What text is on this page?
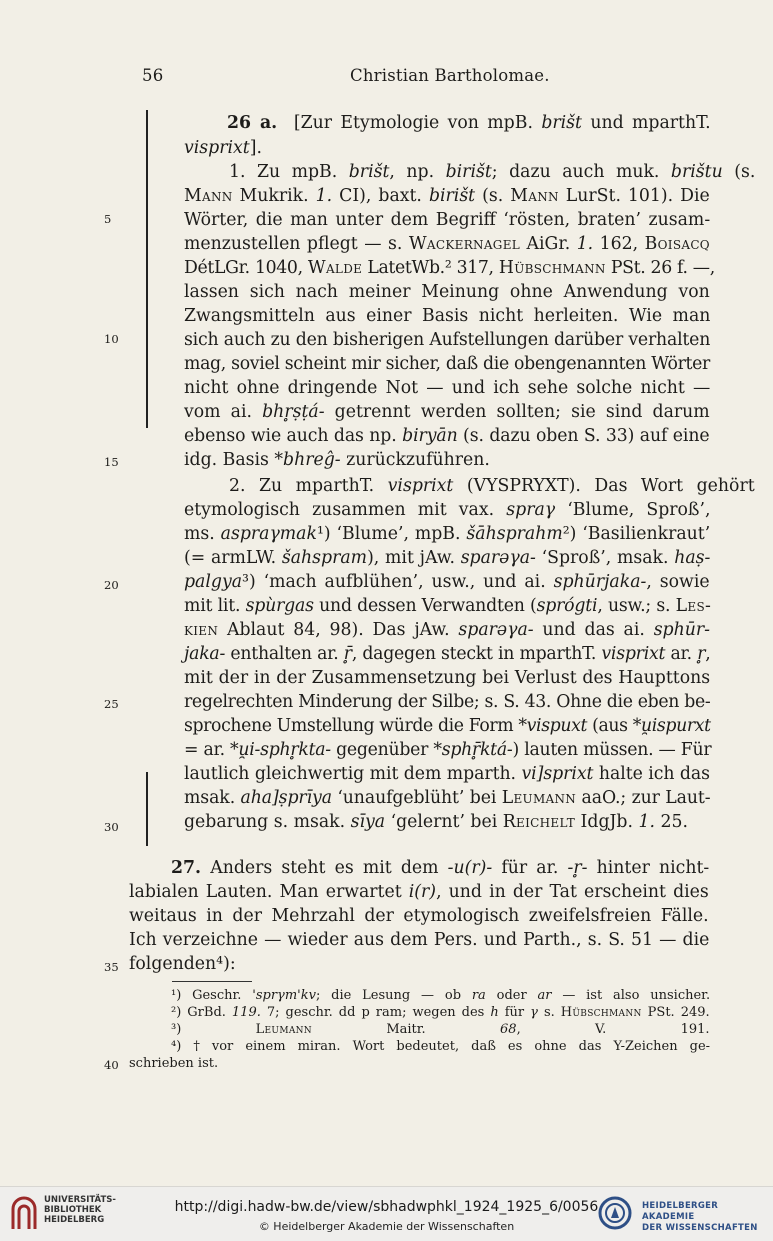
56	Christian Bartholomae.
5
10
15
20
25
30
35
40
26 a.  [Zur Etymologie von mpB. brišt und mparthT.
visprixt].
1. Zu mpB. brišt, np. birišt; dazu auch muk. brištu (s.
Mann Mukrik. 1. CI), baxt. birišt (s. Mann LurSt. 101). Die
Wörter, die man unter dem Begriff ‘rösten, braten’ zusam-
menzustellen pflegt — s. Wackernagel AiGr. 1. 162, Boisacq
DétLGr. 1040, Walde LatetWb.² 317, Hübschmann PSt. 26 f. —,
lassen sich nach meiner Meinung ohne Anwendung von
Zwangsmitteln aus einer Basis nicht herleiten. Wie man
sich auch zu den bisherigen Aufstellungen darüber verhalten
mag, soviel scheint mir sicher, daß die obengenannten Wörter
nicht ohne dringende Not — und ich sehe solche nicht —
vom ai. bhr̥ṣṭá- getrennt werden sollten; sie sind darum
ebenso wie auch das np. biryān (s. dazu oben S. 33) auf eine
idg. Basis *bhreĝ- zurückzuführen.
2. Zu mparthT. visprixt (VYSPRYXT). Das Wort gehört
etymologisch zusammen mit vax. spraγ ‘Blume, Sproß’,
ms. aspraγmak¹) ‘Blume’, mpB. šāhsprahm²) ‘Basilienkraut’
(= armLW. šahspram), mit jAw. sparəγa- ‘Sproß’, msak. haṣ-
palgya³) ‘mach aufblühen’, usw., und ai. sphūrjaka-, sowie
mit lit. spùrgas und dessen Verwandten (sprógti, usw.; s. Les-
kien Ablaut 84, 98). Das jAw. sparəγa- und das ai. sphūr-
jaka- enthalten ar. r̥̄, dagegen steckt in mparthT. visprixt ar. r̥,
mit der in der Zusammensetzung bei Verlust des Haupttons
regelrechten Minderung der Silbe; s. S. 43. Ohne die eben be-
sprochene Umstellung würde die Form *vispuxt (aus *u̯ispurxt
= ar. *u̯i-sphr̥kta- gegenüber *sphr̥̄ktá-) lauten müssen. — Für
lautlich gleichwertig mit dem mparth. vi]sprixt halte ich das
msak. aha]ṣprīya ‘unaufgeblüht’ bei Leumann aaO.; zur Laut-
gebarung s. msak. sīya ‘gelernt’ bei Reichelt IdgJb. 1. 25.
27. Anders steht es mit dem -u(r)- für ar. -r̥- hinter nicht-
labialen Lauten. Man erwartet i(r), und in der Tat erscheint dies
weitaus in der Mehrzahl der etymologisch zweifelsfreien Fälle.
Ich verzeichne — wieder aus dem Pers. und Parth., s. S. 51 — die
folgenden⁴):
¹) Geschr. 'sprγm'kv; die Lesung — ob ra oder ar — ist also unsicher.
²) GrBd. 119. 7; geschr. dd p ram; wegen des h für γ s. Hübschmann PSt. 249.
³) Leumann Maitr. 68, V. 191.
⁴) † vor einem miran. Wort bedeutet, daß es ohne das Y-Zeichen ge-
schrieben ist.
UNIVERSITÄTS-
BIBLIOTHEK
HEIDELBERG
http://digi.hadw-bw.de/view/sbhadwphkl_1924_1925_6/0056
© Heidelberger Akademie der Wissenschaften
HEIDELBERGER AKADEMIE
DER WISSENSCHAFTEN
